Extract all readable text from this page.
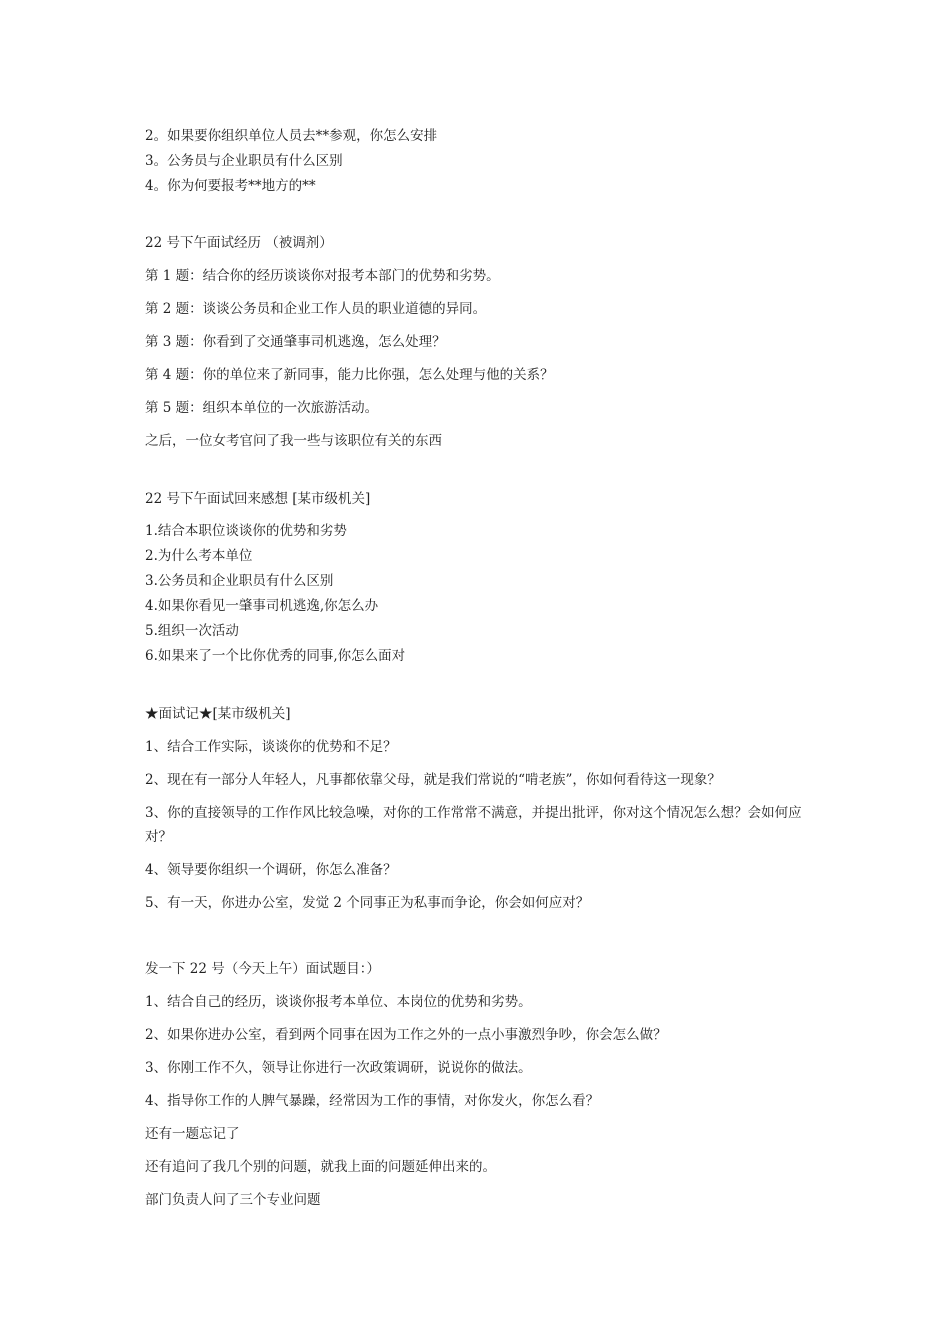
2。如果要你组织单位人员去**参观，你怎么安排
3。公务员与企业职员有什么区别
4。你为何要报考**地方的**
22 号下午面试经历 （被调剂）
第 1 题：结合你的经历谈谈你对报考本部门的优势和劣势。
第 2 题：谈谈公务员和企业工作人员的职业道德的异同。
第 3 题：你看到了交通肇事司机逃逸，怎么处理？
第 4 题：你的单位来了新同事，能力比你强，怎么处理与他的关系？
第 5 题：组织本单位的一次旅游活动。
之后，一位女考官问了我一些与该职位有关的东西
22 号下午面试回来感想 [某市级机关]
1.结合本职位谈谈你的优势和劣势
2.为什么考本单位
3.公务员和企业职员有什么区别
4.如果你看见一肇事司机逃逸,你怎么办
5.组织一次活动
6.如果来了一个比你优秀的同事,你怎么面对
★面试记★[某市级机关]
1、结合工作实际，谈谈你的优势和不足？
2、现在有一部分人年轻人，凡事都依靠父母，就是我们常说的“啃老族”，你如何看待这一现象？
3、你的直接领导的工作作风比较急噪，对你的工作常常不满意，并提出批评，你对这个情况怎么想？会如何应对？
4、领导要你组织一个调研，你怎么准备？
5、有一天，你进办公室，发觉 2 个同事正为私事而争论，你会如何应对？
发一下 22 号（今天上午）面试题目：）
1、结合自己的经历，谈谈你报考本单位、本岗位的优势和劣势。
2、如果你进办公室，看到两个同事在因为工作之外的一点小事激烈争吵，你会怎么做？
3、你刚工作不久，领导让你进行一次政策调研，说说你的做法。
4、指导你工作的人脾气暴躁，经常因为工作的事情，对你发火，你怎么看？
还有一题忘记了
还有追问了我几个别的问题，就我上面的问题延伸出来的。
部门负责人问了三个专业问题
